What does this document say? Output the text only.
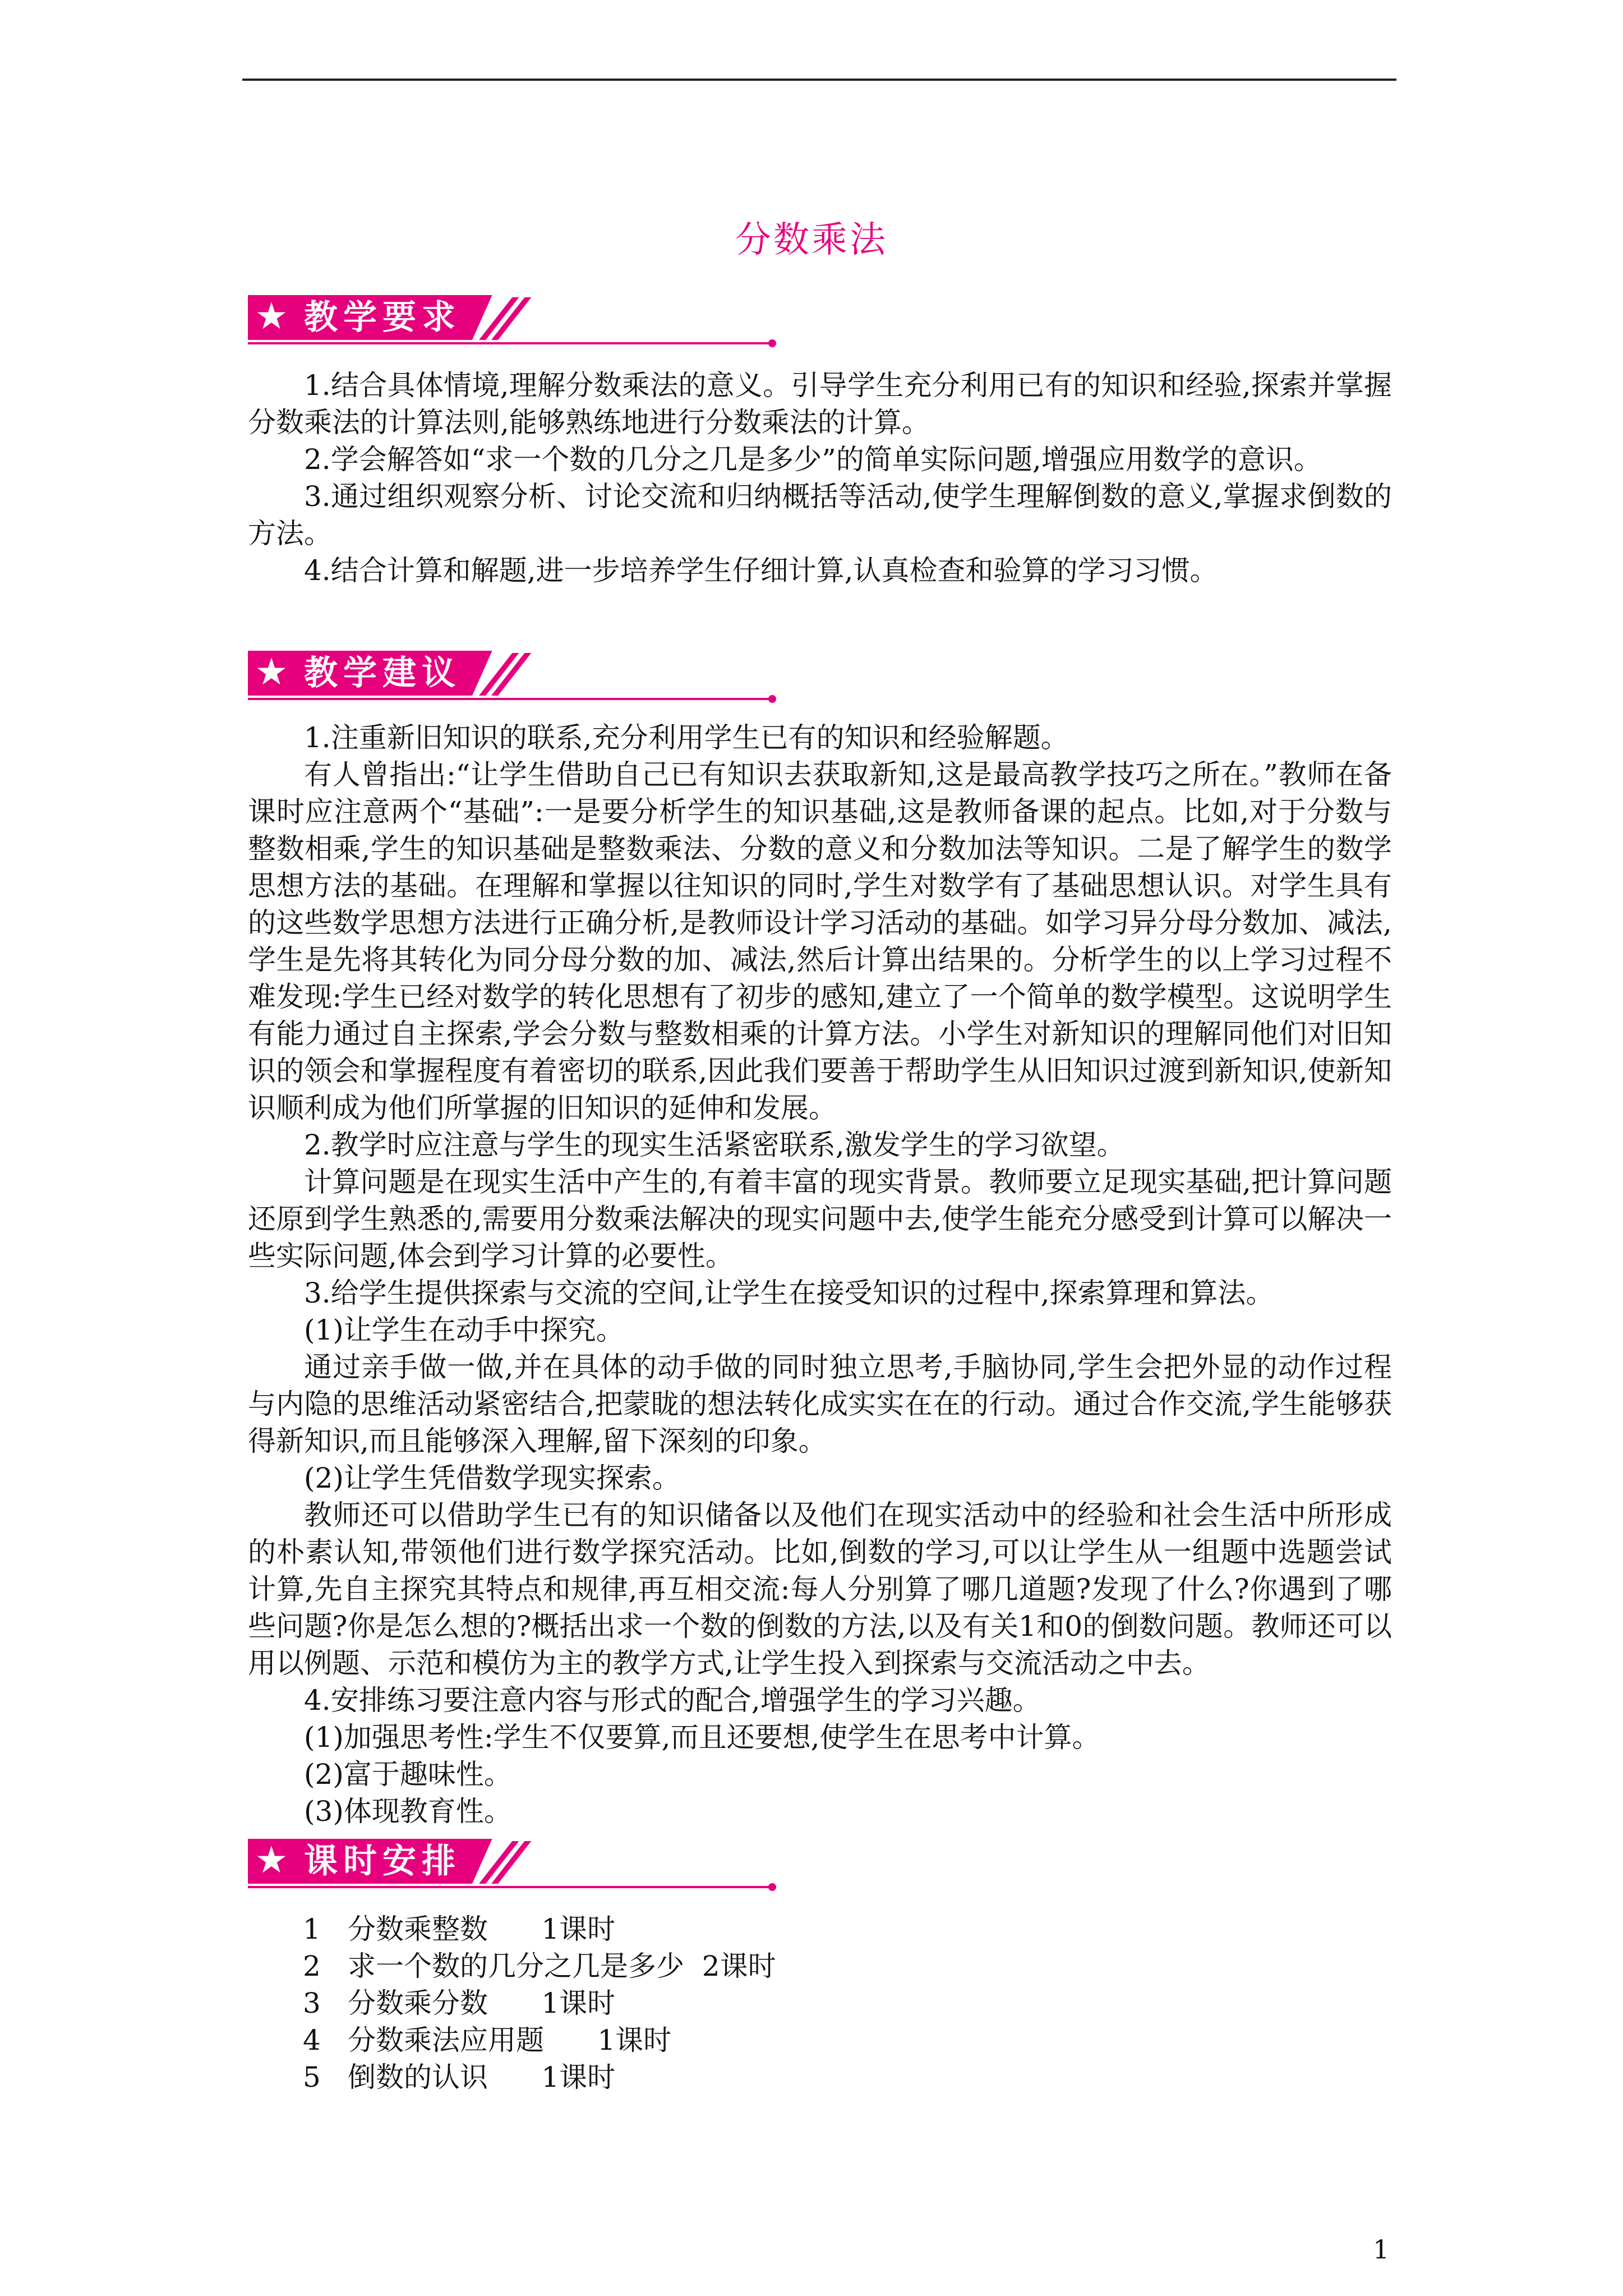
分数乘法
★ 教学要求

1.结合具体情境,理解分数乘法的意义。引导学生充分利用已有的知识和经验,探索并掌握分数乘法的计算法则,能够熟练地进行分数乘法的计算。

2.学会解答如“求一个数的几分之几是多少”的简单实际问题,增强应用数学的意识。

3.通过组织观察分析、讨论交流和归纳概括等活动,使学生理解倒数的意义,掌握求倒数的方法。

4.结合计算和解题,进一步培养学生仔细计算,认真检查和验算的学习习惯。

★ 教学建议

1.注重新旧知识的联系,充分利用学生已有的知识和经验解题。

有人曾指出:“让学生借助自己已有知识去获取新知,这是最高教学技巧之所在。”教师在备课时应注意两个“基础”:一是要分析学生的知识基础,这是教师备课的起点。比如,对于分数与整数相乘,学生的知识基础是整数乘法、分数的意义和分数加法等知识。二是了解学生的数学思想方法的基础。在理解和掌握以往知识的同时,学生对数学有了基础思想认识。对学生具有的这些数学思想方法进行正确分析,是教师设计学习活动的基础。如学习异分母分数加、减法,学生是先将其转化为同分母分数的加、减法,然后计算出结果的。分析学生的以上学习过程不难发现:学生已经对数学的转化思想有了初步的感知,建立了一个简单的数学模型。这说明学生有能力通过自主探索,学会分数与整数相乘的计算方法。小学生对新知识的理解同他们对旧知识的领会和掌握程度有着密切的联系,因此我们要善于帮助学生从旧知识过渡到新知识,使新知识顺利成为他们所掌握的旧知识的延伸和发展。

2.教学时应注意与学生的现实生活紧密联系,激发学生的学习欲望。

计算问题是在现实生活中产生的,有着丰富的现实背景。教师要立足现实基础,把计算问题还原到学生熟悉的,需要用分数乘法解决的现实问题中去,使学生能充分感受到计算可以解决一些实际问题,体会到学习计算的必要性。

3.给学生提供探索与交流的空间,让学生在接受知识的过程中,探索算理和算法。

(1)让学生在动手中探究。

通过亲手做一做,并在具体的动手做的同时独立思考,手脑协同,学生会把外显的动作过程与内隐的思维活动紧密结合,把蒙眬的想法转化成实实在在的行动。通过合作交流,学生能够获得新知识,而且能够深入理解,留下深刻的印象。

(2)让学生凭借数学现实探索。

教师还可以借助学生已有的知识储备以及他们在现实活动中的经验和社会生活中所形成的朴素认知,带领他们进行数学探究活动。比如,倒数的学习,可以让学生从一组题中选题尝试计算,先自主探究其特点和规律,再互相交流:每人分别算了哪几道题?发现了什么?你遇到了哪些问题?你是怎么想的?概括出求一个数的倒数的方法,以及有关1和0的倒数问题。教师还可以用以例题、示范和模仿为主的教学方式,让学生投入到探索与交流活动之中去。

4.安排练习要注意内容与形式的配合,增强学生的学习兴趣。

(1)加强思考性:学生不仅要算,而且还要想,使学生在思考中计算。

(2)富于趣味性。

(3)体现教育性。

★ 课时安排
1 分数乘整数      1课时
2 求一个数的几分之几是多少  2课时
3 分数乘分数      1课时
4 分数乘法应用题      1课时
5 倒数的认识      1课时
1
